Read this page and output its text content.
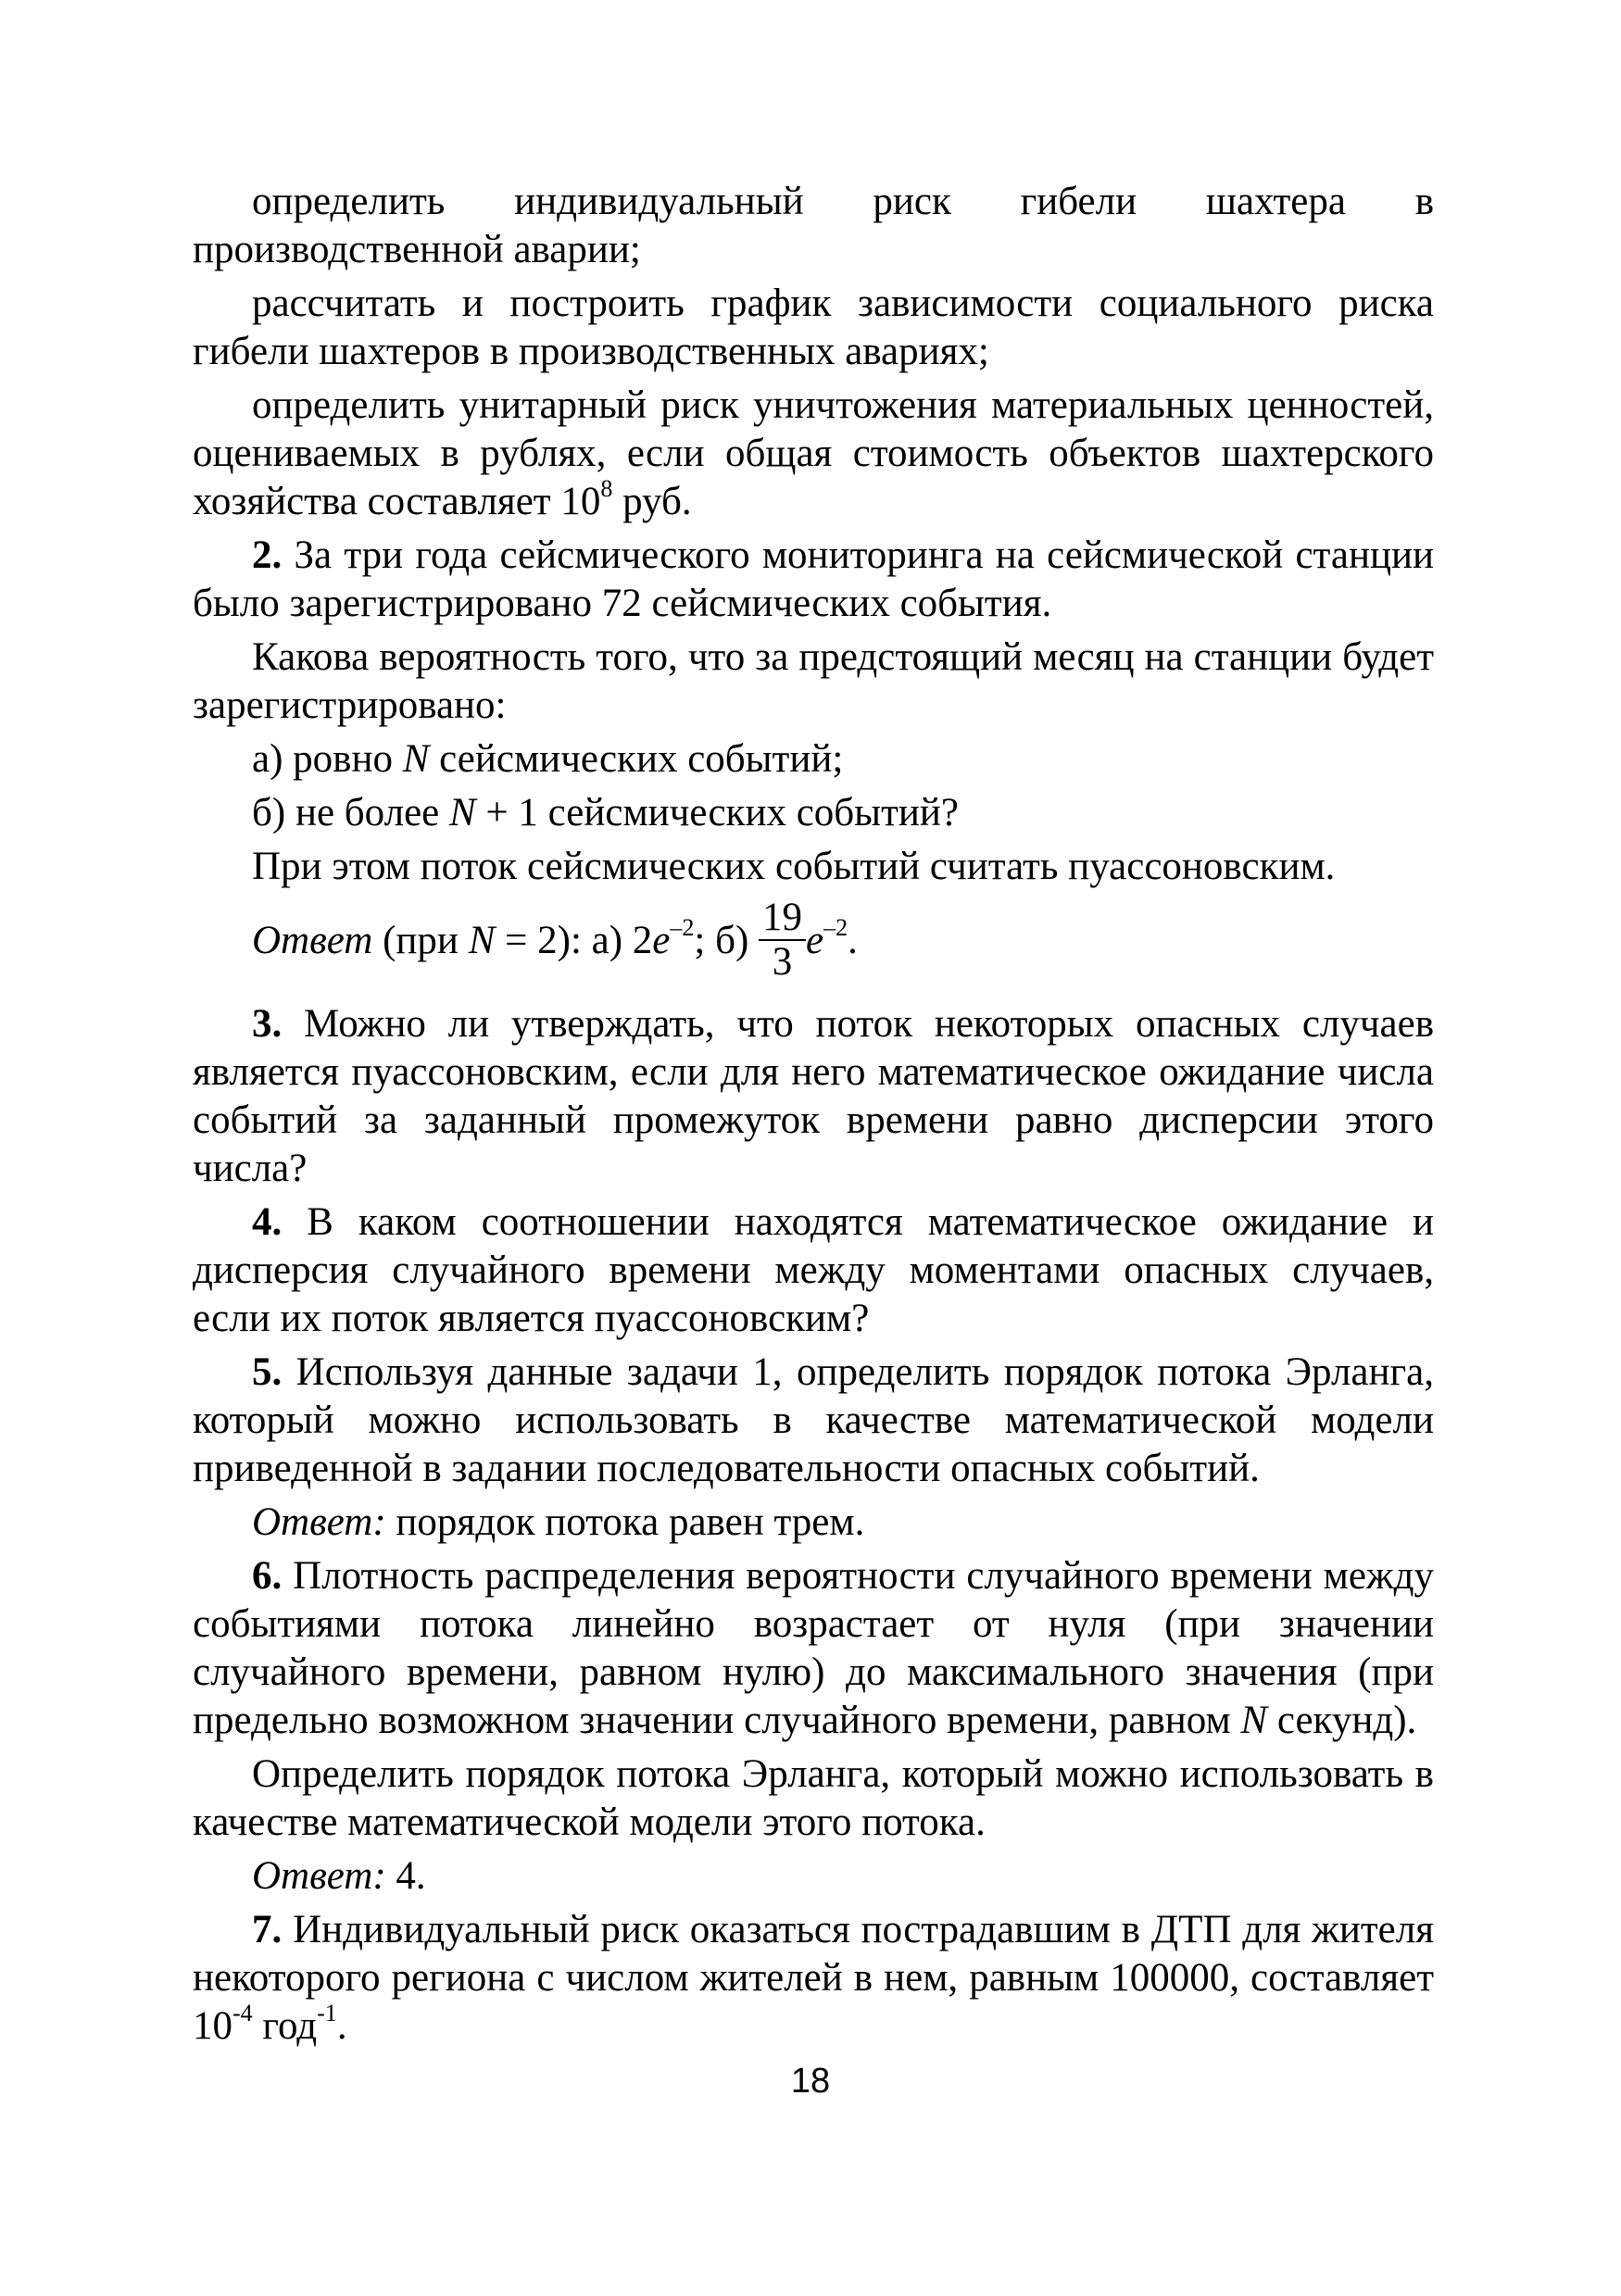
определить индивидуальный риск гибели шахтера в производственной аварии;

рассчитать и построить график зависимости социального риска гибели шахтеров в производственных авариях;

определить унитарный риск уничтожения материальных ценностей, оцениваемых в рублях, если общая стоимость объектов шахтерского хозяйства составляет $10^8$ руб.

2. За три года сейсмического мониторинга на сейсмической станции было зарегистрировано 72 сейсмических события.

Какова вероятность того, что за предстоящий месяц на станции будет зарегистрировано:

а) ровно N сейсмических событий;

б) не более N + 1 сейсмических событий?

При этом поток сейсмических событий считать пуассоновским.

Ответ (при N = 2): а) $2e^{-2}$; $б) \frac{19}{3} e^{-2}$.

3. Можно ли утверждать, что поток некоторых опасных случаев является пуассоновским, если для него математическое ожидание числа событий за заданный промежуток времени равно дисперсии этого числа?

4. В каком соотношении находятся математическое ожидание и дисперсия случайного времени между моментами опасных случаев, если их поток является пуассоновским?

5. Используя данные задачи 1, определить порядок потока Эрланга, который можно использовать в качестве математической модели приведенной в задании последовательности опасных событий.

Ответ: порядок потока равен трем.

6. Плотность распределения вероятности случайного времени между событиями потока линейно возрастает от нуля (при значении случайного времени, равном нулю) до максимального значения (при предельно возможном значении случайного времени, равном N секунд).

Определить порядок потока Эрланга, который можно использовать в качестве математической модели этого потока.

Ответ: 4.

7. Индивидуальный риск оказаться пострадавшим в ДТП для жителя некоторого региона с числом жителей в нем, равным 100000, составляет $10^{-4}$ год$^{-1}$.

18
